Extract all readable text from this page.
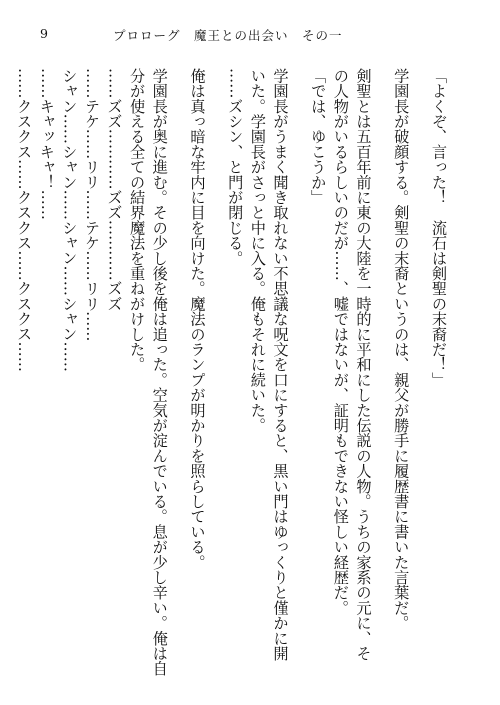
9	プロローグ　魔王との出会い　その一
「よくぞ、言った！　流石は剣聖の末裔だ！」
学園長が破顔する。剣聖の末裔というのは、親父が勝手に履歴書に書いた言葉だ。
剣聖とは五百年前に東の大陸を一時的に平和にした伝説の人物。うちの家系の元に、そ
の人物がいるらしいのだが……、嘘ではないが、証明もできない怪しい経歴だ。
「では、ゆこうか」
学園長がうまく聞き取れない不思議な呪文を口にすると、黒い門はゆっくりと僅かに開
いた。学園長がさっと中に入る。俺もそれに続いた。
……ズシン、と門が閉じる。
俺は真っ暗な牢内に目を向けた。魔法のランプが明かりを照らしている。
学園長が奥に進む。その少し後を俺は追った。空気が淀んでいる。息が少し辛い。俺は自
分が使える全ての結界魔法を重ねがけした。
……ズズ…………ズズ…………ズズ
……テケ……リリ……テケ……リリ……
シャン……シャン……シャン……シャン……
……キャッキャ！……
……クスクス……クスクス……クスクス……
